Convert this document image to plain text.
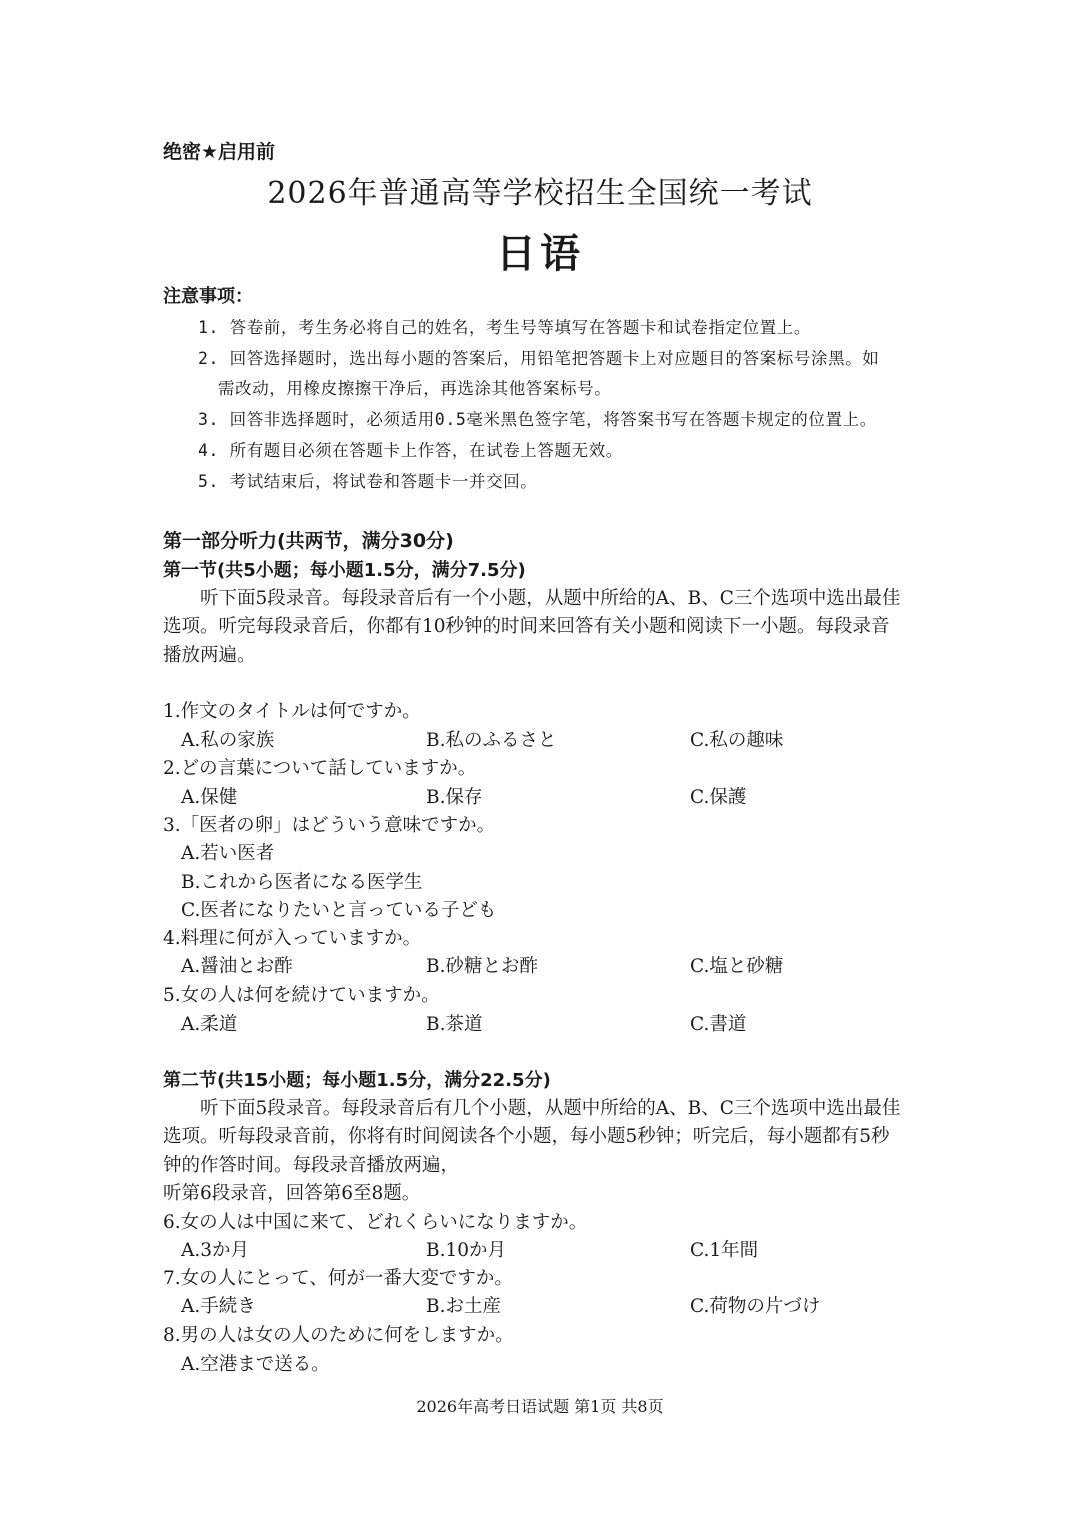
绝密★启用前
2026年普通高等学校招生全国统一考试
日语
注意事项：
1. 答卷前，考生务必将自己的姓名，考生号等填写在答题卡和试卷指定位置上。
2. 回答选择题时，选出每小题的答案后，用铅笔把答题卡上对应题目的答案标号涂黑。如
需改动，用橡皮擦擦干净后，再选涂其他答案标号。
3. 回答非选择题时，必须适用0.5毫米黑色签字笔，将答案书写在答题卡规定的位置上。
4. 所有题目必须在答题卡上作答，在试卷上答题无效。
5. 考试结束后，将试卷和答题卡一并交回。
第一部分听力(共两节，满分30分)
第一节(共5小题；每小题1.5分，满分7.5分)
听下面5段录音。每段录音后有一个小题，从题中所给的A、B、C三个选项中选出最佳
选项。听完每段录音后，你都有10秒钟的时间来回答有关小题和阅读下一小题。每段录音
播放两遍。
1.作文のタイトルは何ですか。
A.私の家族	B.私のふるさと	C.私の趣味
2.どの言葉について話していますか。
A.保健	B.保存	C.保護
3.「医者の卵」はどういう意味ですか。
A.若い医者
B.これから医者になる医学生
C.医者になりたいと言っている子ども
4.料理に何が入っていますか。
A.醤油とお酢	B.砂糖とお酢	C.塩と砂糖
5.女の人は何を続けていますか。
A.柔道	B.茶道	C.書道
第二节(共15小题；每小题1.5分，满分22.5分)
听下面5段录音。每段录音后有几个小题，从题中所给的A、B、C三个选项中选出最佳
选项。听每段录音前，你将有时间阅读各个小题，每小题5秒钟；听完后，每小题都有5秒
钟的作答时间。每段录音播放两遍，
听第6段录音，回答第6至8题。
6.女の人は中国に来て、どれくらいになりますか。
A.3か月	B.10か月	C.1年間
7.女の人にとって、何が一番大変ですか。
A.手続き	B.お土産	C.荷物の片づけ
8.男の人は女の人のために何をしますか。
A.空港まで送る。
2026年高考日语试题 第1页 共8页
